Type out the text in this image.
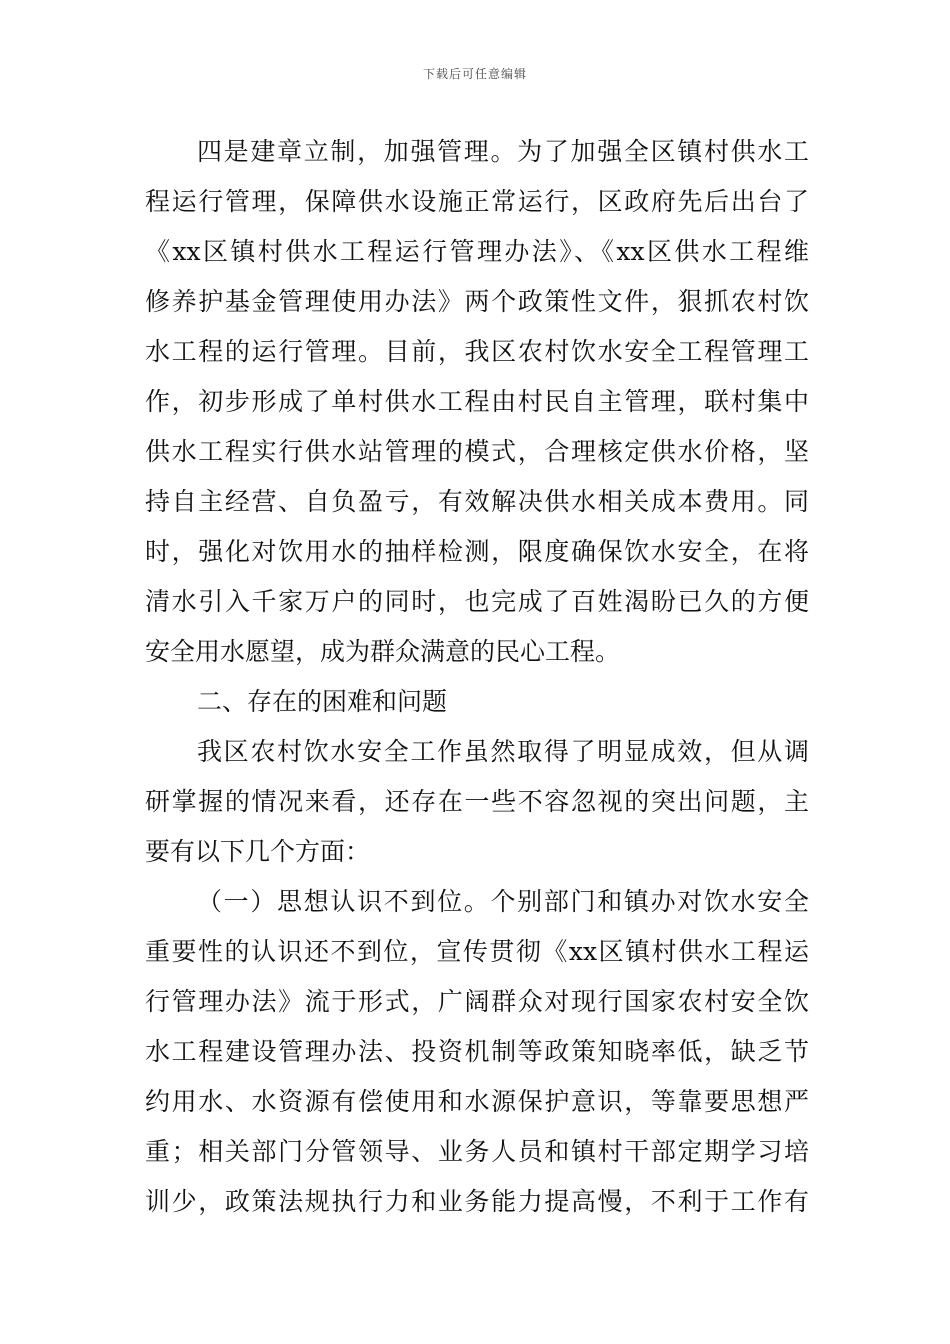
下载后可任意编辑
四是建章立制，加强管理。为了加强全区镇村供水工
程运行管理，保障供水设施正常运行，区政府先后出台了
《xx区镇村供水工程运行管理办法》、《xx区供水工程维
修养护基金管理使用办法》两个政策性文件，狠抓农村饮
水工程的运行管理。目前，我区农村饮水安全工程管理工
作，初步形成了单村供水工程由村民自主管理，联村集中
供水工程实行供水站管理的模式，合理核定供水价格，坚
持自主经营、自负盈亏，有效解决供水相关成本费用。同
时，强化对饮用水的抽样检测，限度确保饮水安全，在将
清水引入千家万户的同时，也完成了百姓渴盼已久的方便
安全用水愿望，成为群众满意的民心工程。
二、存在的困难和问题
我区农村饮水安全工作虽然取得了明显成效，但从调
研掌握的情况来看，还存在一些不容忽视的突出问题，主
要有以下几个方面：
（一）思想认识不到位。个别部门和镇办对饮水安全
重要性的认识还不到位，宣传贯彻《xx区镇村供水工程运
行管理办法》流于形式，广阔群众对现行国家农村安全饮
水工程建设管理办法、投资机制等政策知晓率低，缺乏节
约用水、水资源有偿使用和水源保护意识，等靠要思想严
重；相关部门分管领导、业务人员和镇村干部定期学习培
训少，政策法规执行力和业务能力提高慢，不利于工作有
